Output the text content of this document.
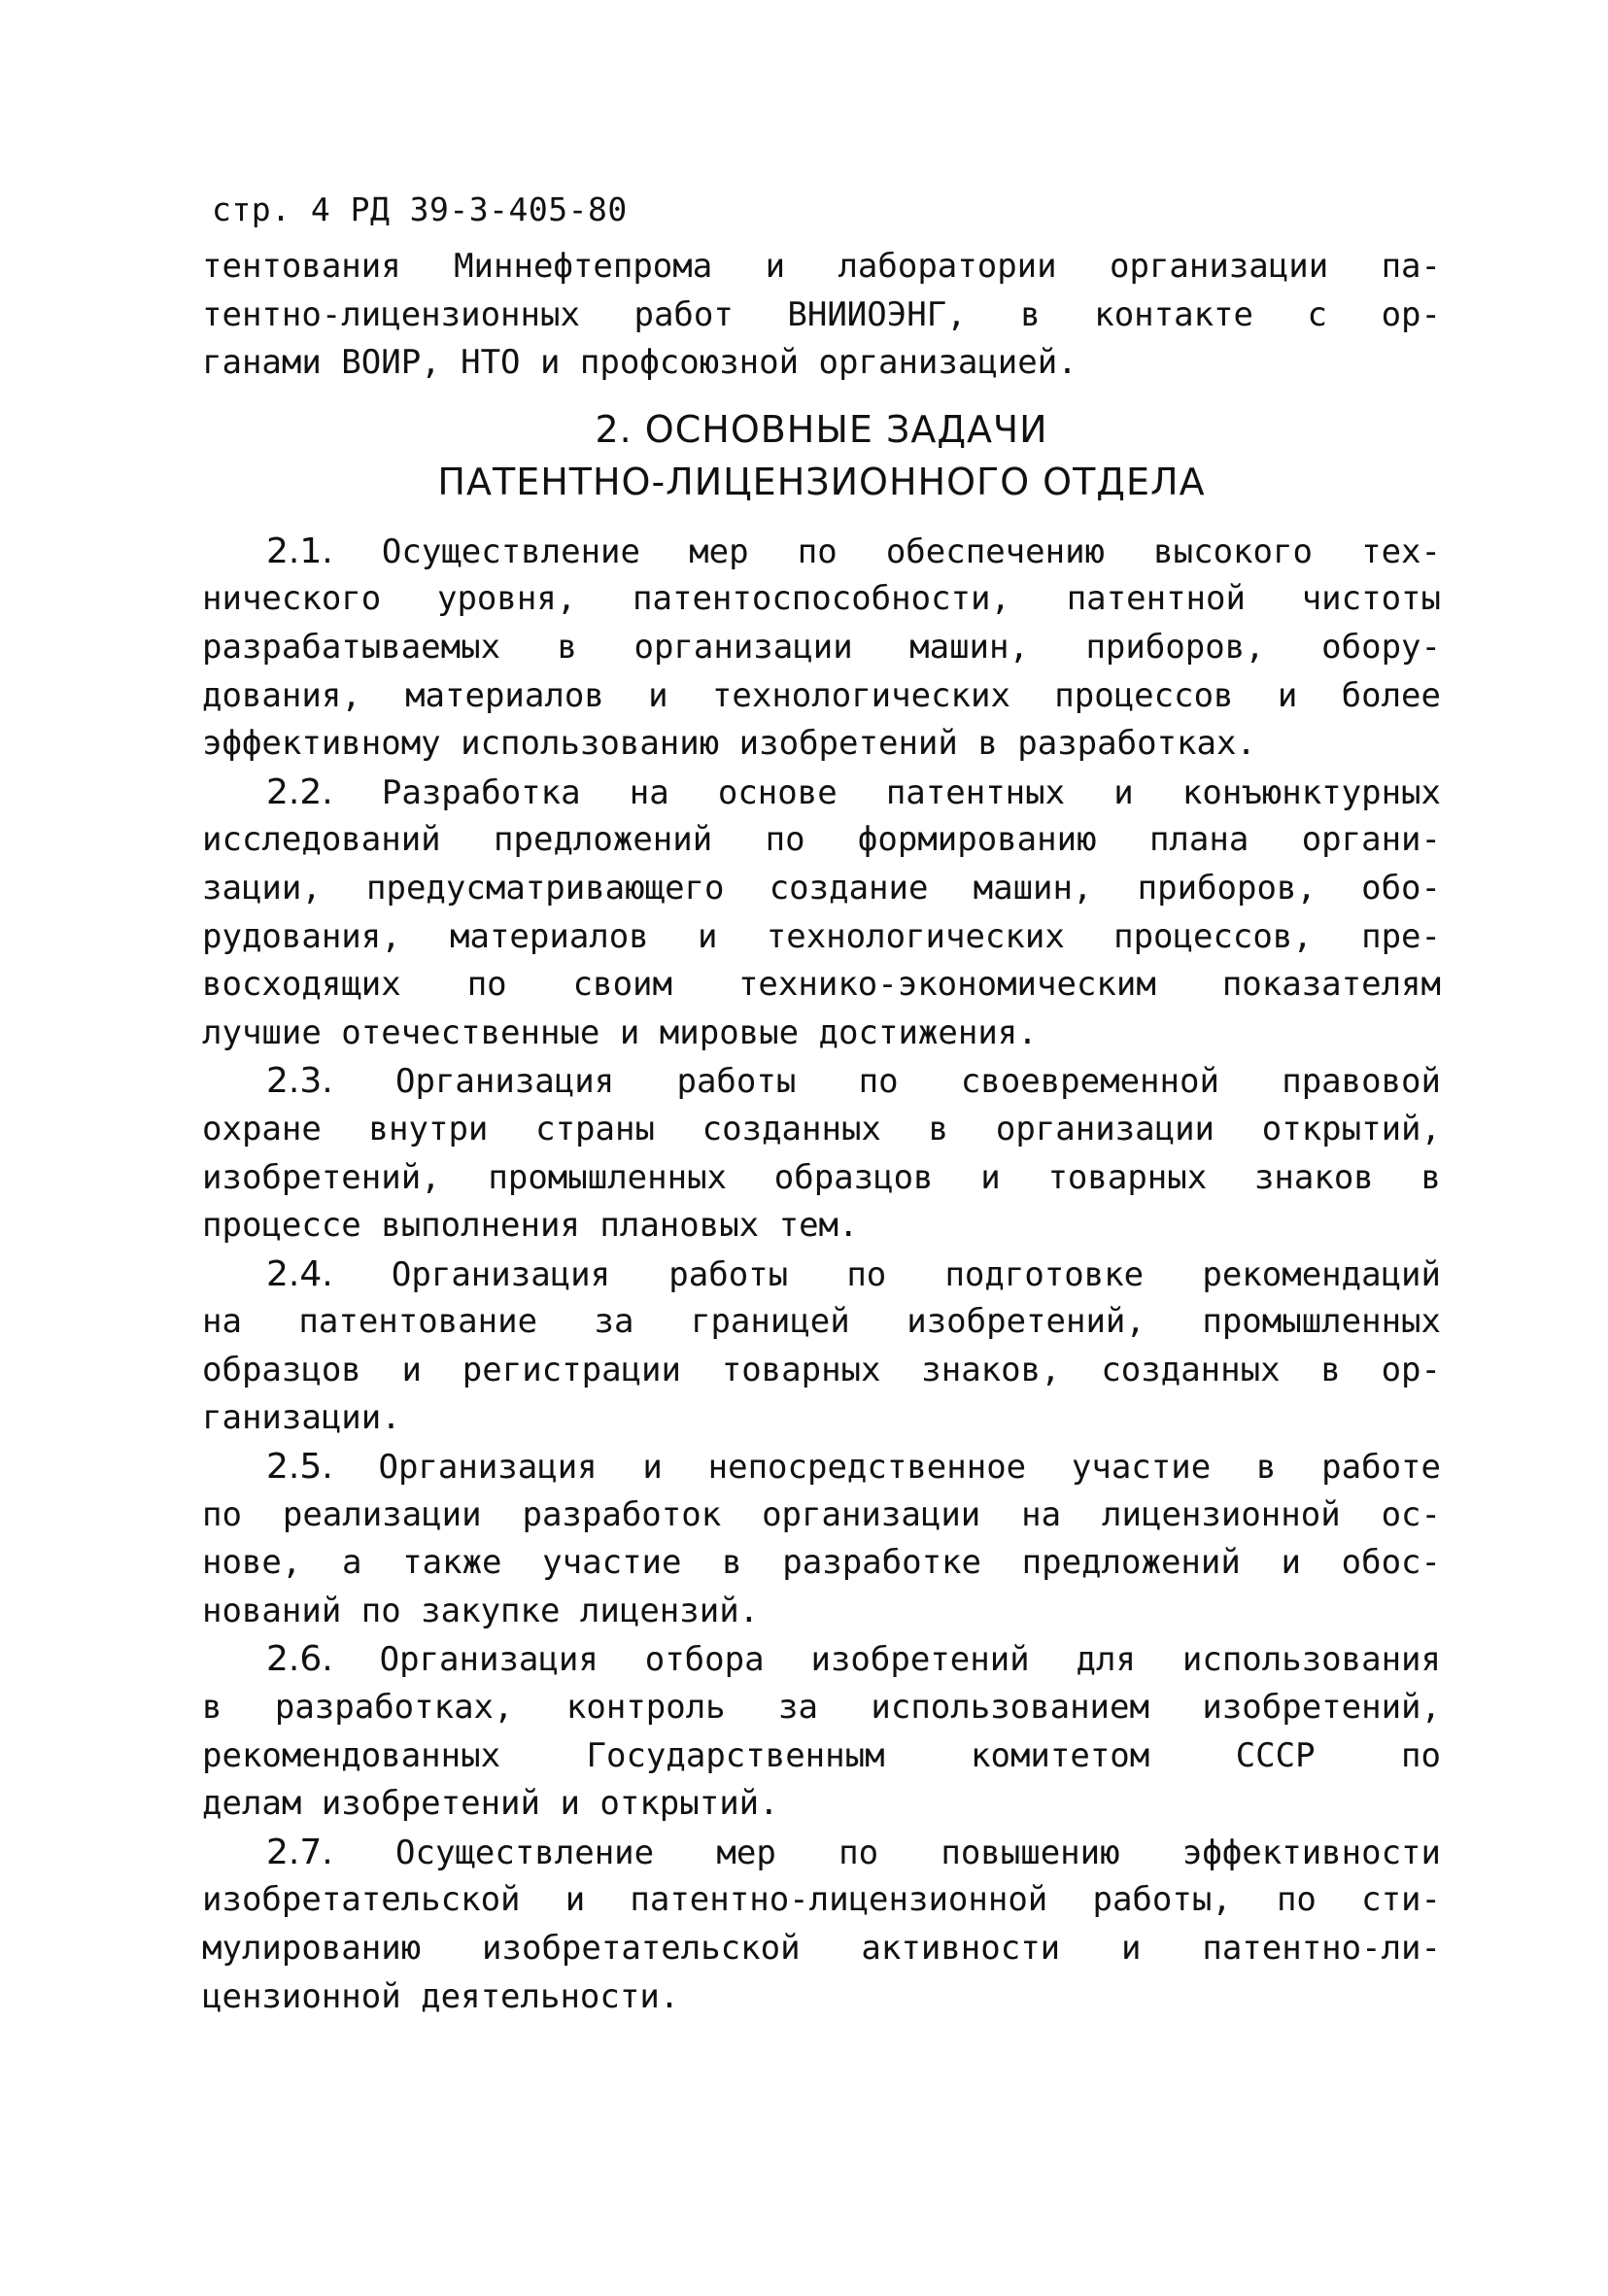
стр. 4 РД 39-3-405-80
тентования Миннефтепрома и лаборатории организации па-
тентно-лицензионных работ ВНИИОЭНГ, в контакте с ор-
ганами ВОИР, НТО и профсоюзной организацией.
2. ОСНОВНЫЕ ЗАДАЧИ
ПАТЕНТНО-ЛИЦЕНЗИОННОГО ОТДЕЛА
2.1. Осуществление мер по обеспечению высокого тех-
нического уровня, патентоспособности, патентной чистоты
разрабатываемых в организации машин, приборов, обору-
дования, материалов и технологических процессов и более
эффективному использованию изобретений в разработках.
2.2. Разработка на основе патентных и конъюнктурных
исследований предложений по формированию плана органи-
зации, предусматривающего создание машин, приборов, обо-
рудования, материалов и технологических процессов, пре-
восходящих по своим технико-экономическим показателям
лучшие отечественные и мировые достижения.
2.3. Организация работы по своевременной правовой
охране внутри страны созданных в организации открытий,
изобретений, промышленных образцов и товарных знаков в
процессе выполнения плановых тем.
2.4. Организация работы по подготовке рекомендаций
на патентование за границей изобретений, промышленных
образцов и регистрации товарных знаков, созданных в ор-
ганизации.
2.5. Организация и непосредственное участие в работе
по реализации разработок организации на лицензионной ос-
нове, а также участие в разработке предложений и обос-
нований по закупке лицензий.
2.6. Организация отбора изобретений для использования
в разработках, контроль за использованием изобретений,
рекомендованных Государственным комитетом СССР по
делам изобретений и открытий.
2.7. Осуществление мер по повышению эффективности
изобретательской и патентно-лицензионной работы, по сти-
мулированию изобретательской активности и патентно-ли-
цензионной деятельности.
